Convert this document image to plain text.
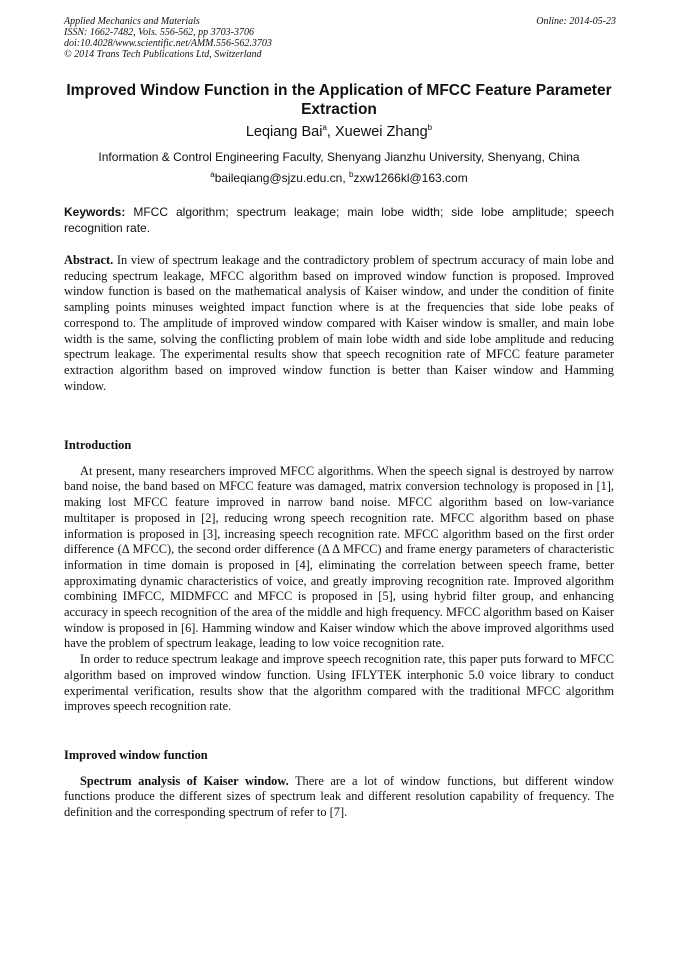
Applied Mechanics and Materials
ISSN: 1662-7482, Vols. 556-562, pp 3703-3706
doi:10.4028/www.scientific.net/AMM.556-562.3703
© 2014 Trans Tech Publications Ltd, Switzerland
Online: 2014-05-23
Improved Window Function in the Application of MFCC Feature Parameter Extraction
Leqiang Bai$^a$, Xuewei Zhang$^b$
Information & Control Engineering Faculty, Shenyang Jianzhu University, Shenyang, China
$^a$baileqiang@sjzu.edu.cn, $^b$zxw1266kl@163.com
Keywords: MFCC algorithm; spectrum leakage; main lobe width; side lobe amplitude; speech recognition rate.
Abstract. In view of spectrum leakage and the contradictory problem of spectrum accuracy of main lobe and reducing spectrum leakage, MFCC algorithm based on improved window function is proposed. Improved window function is based on the mathematical analysis of Kaiser window, and under the condition of finite sampling points minuses weighted impact function where is at the frequencies that side lobe peaks of correspond to. The amplitude of improved window compared with Kaiser window is smaller, and main lobe width is the same, solving the conflicting problem of main lobe width and side lobe amplitude and reducing spectrum leakage. The experimental results show that speech recognition rate of MFCC feature parameter extraction algorithm based on improved window function is better than Kaiser window and Hamming window.
Introduction

At present, many researchers improved MFCC algorithms. When the speech signal is destroyed by narrow band noise, the band based on MFCC feature was damaged, matrix conversion technology is proposed in [1], making lost MFCC feature improved in narrow band noise. MFCC algorithm based on low-variance multitaper is proposed in [2], reducing wrong speech recognition rate. MFCC algorithm based on phase information is proposed in [3], increasing speech recognition rate. MFCC algorithm based on the first order difference (Δ MFCC), the second order difference (Δ Δ MFCC) and frame energy parameters of characteristic information in time domain is proposed in [4], eliminating the correlation between speech frame, better approximating dynamic characteristics of voice, and greatly improving recognition rate. Improved algorithm combining IMFCC, MIDMFCC and MFCC is proposed in [5], using hybrid filter group, and enhancing accuracy in speech recognition of the area of the middle and high frequency. MFCC algorithm based on Kaiser window is proposed in [6]. Hamming window and Kaiser window which the above improved algorithms used have the problem of spectrum leakage, leading to low voice recognition rate.

In order to reduce spectrum leakage and improve speech recognition rate, this paper puts forward to MFCC algorithm based on improved window function. Using IFLYTEK interphonic 5.0 voice library to conduct experimental verification, results show that the algorithm compared with the traditional MFCC algorithm improves speech recognition rate.

Improved window function

Spectrum analysis of Kaiser window. There are a lot of window functions, but different window functions produce the different sizes of spectrum leak and different resolution capability of frequency. The definition and the corresponding spectrum of refer to [7].
